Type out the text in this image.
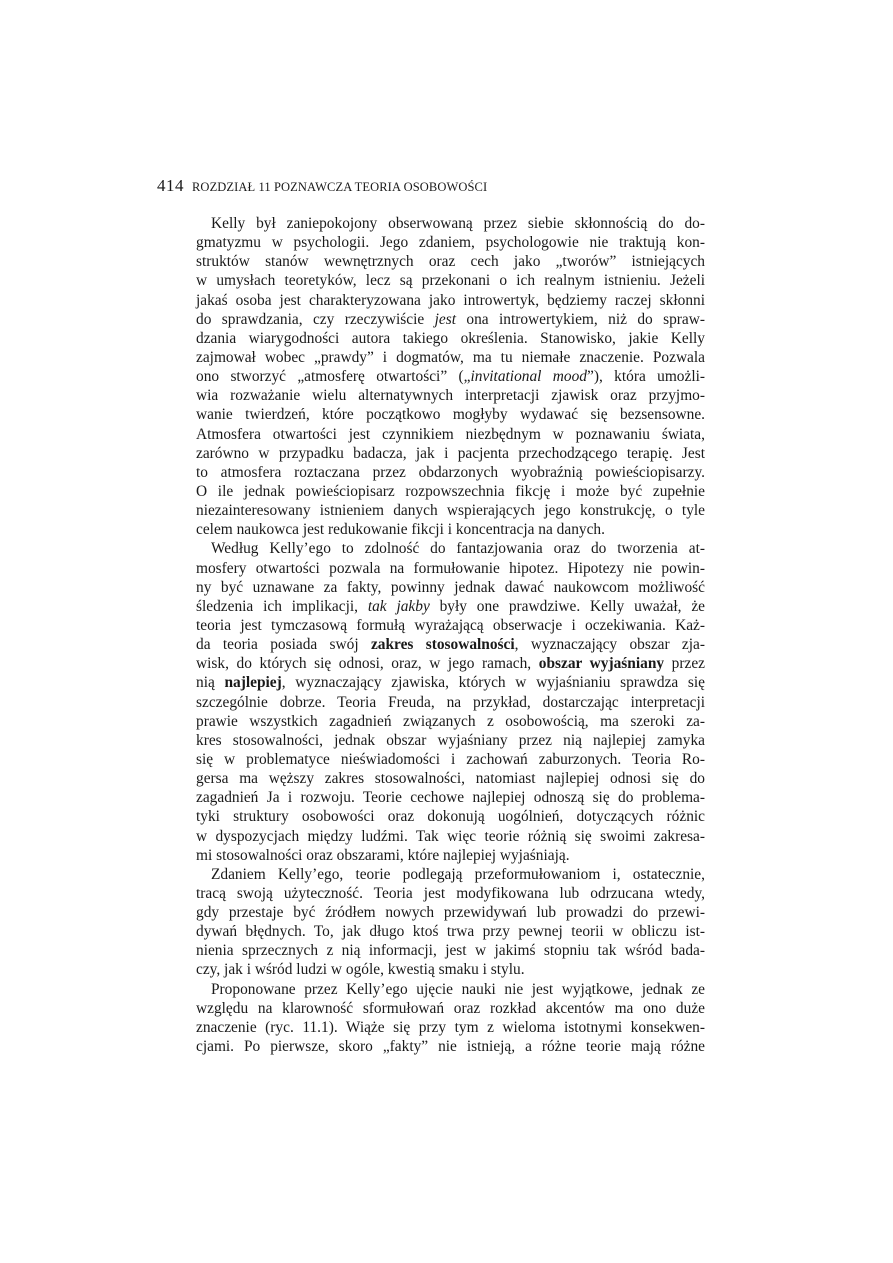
414 ROZDZIAŁ 11 POZNAWCZA TEORIA OSOBOWOŚCI
Kelly był zaniepokojony obserwowaną przez siebie skłonnością do do-
gmatyzmu w psychologii. Jego zdaniem, psychologowie nie traktują kon-
struktów stanów wewnętrznych oraz cech jako „tworów” istniejących
w umysłach teoretyków, lecz są przekonani o ich realnym istnieniu. Jeżeli
jakaś osoba jest charakteryzowana jako introwertyk, będziemy raczej skłonni
do sprawdzania, czy rzeczywiście jest ona introwertykiem, niż do spraw-
dzania wiarygodności autora takiego określenia. Stanowisko, jakie Kelly
zajmował wobec „prawdy” i dogmatów, ma tu niemałe znaczenie. Pozwala
ono stworzyć „atmosferę otwartości” („invitational mood”), która umożli-
wia rozważanie wielu alternatywnych interpretacji zjawisk oraz przyjmo-
wanie twierdzeń, które początkowo mogłyby wydawać się bezsensowne.
Atmosfera otwartości jest czynnikiem niezbędnym w poznawaniu świata,
zarówno w przypadku badacza, jak i pacjenta przechodzącego terapię. Jest
to atmosfera roztaczana przez obdarzonych wyobraźnią powieściopisarzy.
O ile jednak powieściopisarz rozpowszechnia fikcję i może być zupełnie
niezainteresowany istnieniem danych wspierających jego konstrukcję, o tyle
celem naukowca jest redukowanie fikcji i koncentracja na danych.
Według Kelly’ego to zdolność do fantazjowania oraz do tworzenia at-
mosfery otwartości pozwala na formułowanie hipotez. Hipotezy nie powin-
ny być uznawane za fakty, powinny jednak dawać naukowcom możliwość
śledzenia ich implikacji, tak jakby były one prawdziwe. Kelly uważał, że
teoria jest tymczasową formułą wyrażającą obserwacje i oczekiwania. Każ-
da teoria posiada swój zakres stosowalności, wyznaczający obszar zja-
wisk, do których się odnosi, oraz, w jego ramach, obszar wyjaśniany przez
nią najlepiej, wyznaczający zjawiska, których w wyjaśnianiu sprawdza się
szczególnie dobrze. Teoria Freuda, na przykład, dostarczając interpretacji
prawie wszystkich zagadnień związanych z osobowością, ma szeroki za-
kres stosowalności, jednak obszar wyjaśniany przez nią najlepiej zamyka
się w problematyce nieświadomości i zachowań zaburzonych. Teoria Ro-
gersa ma węższy zakres stosowalności, natomiast najlepiej odnosi się do
zagadnień Ja i rozwoju. Teorie cechowe najlepiej odnoszą się do problema-
tyki struktury osobowości oraz dokonują uogólnień, dotyczących różnic
w dyspozycjach między ludźmi. Tak więc teorie różnią się swoimi zakresa-
mi stosowalności oraz obszarami, które najlepiej wyjaśniają.
Zdaniem Kelly’ego, teorie podlegają przeformułowaniom i, ostatecznie,
tracą swoją użyteczność. Teoria jest modyfikowana lub odrzucana wtedy,
gdy przestaje być źródłem nowych przewidywań lub prowadzi do przewi-
dywań błędnych. To, jak długo ktoś trwa przy pewnej teorii w obliczu ist-
nienia sprzecznych z nią informacji, jest w jakimś stopniu tak wśród bada-
czy, jak i wśród ludzi w ogóle, kwestią smaku i stylu.
Proponowane przez Kelly’ego ujęcie nauki nie jest wyjątkowe, jednak ze
względu na klarowność sformułowań oraz rozkład akcentów ma ono duże
znaczenie (ryc. 11.1). Wiąże się przy tym z wieloma istotnymi konsekwen-
cjami. Po pierwsze, skoro „fakty” nie istnieją, a różne teorie mają różne
